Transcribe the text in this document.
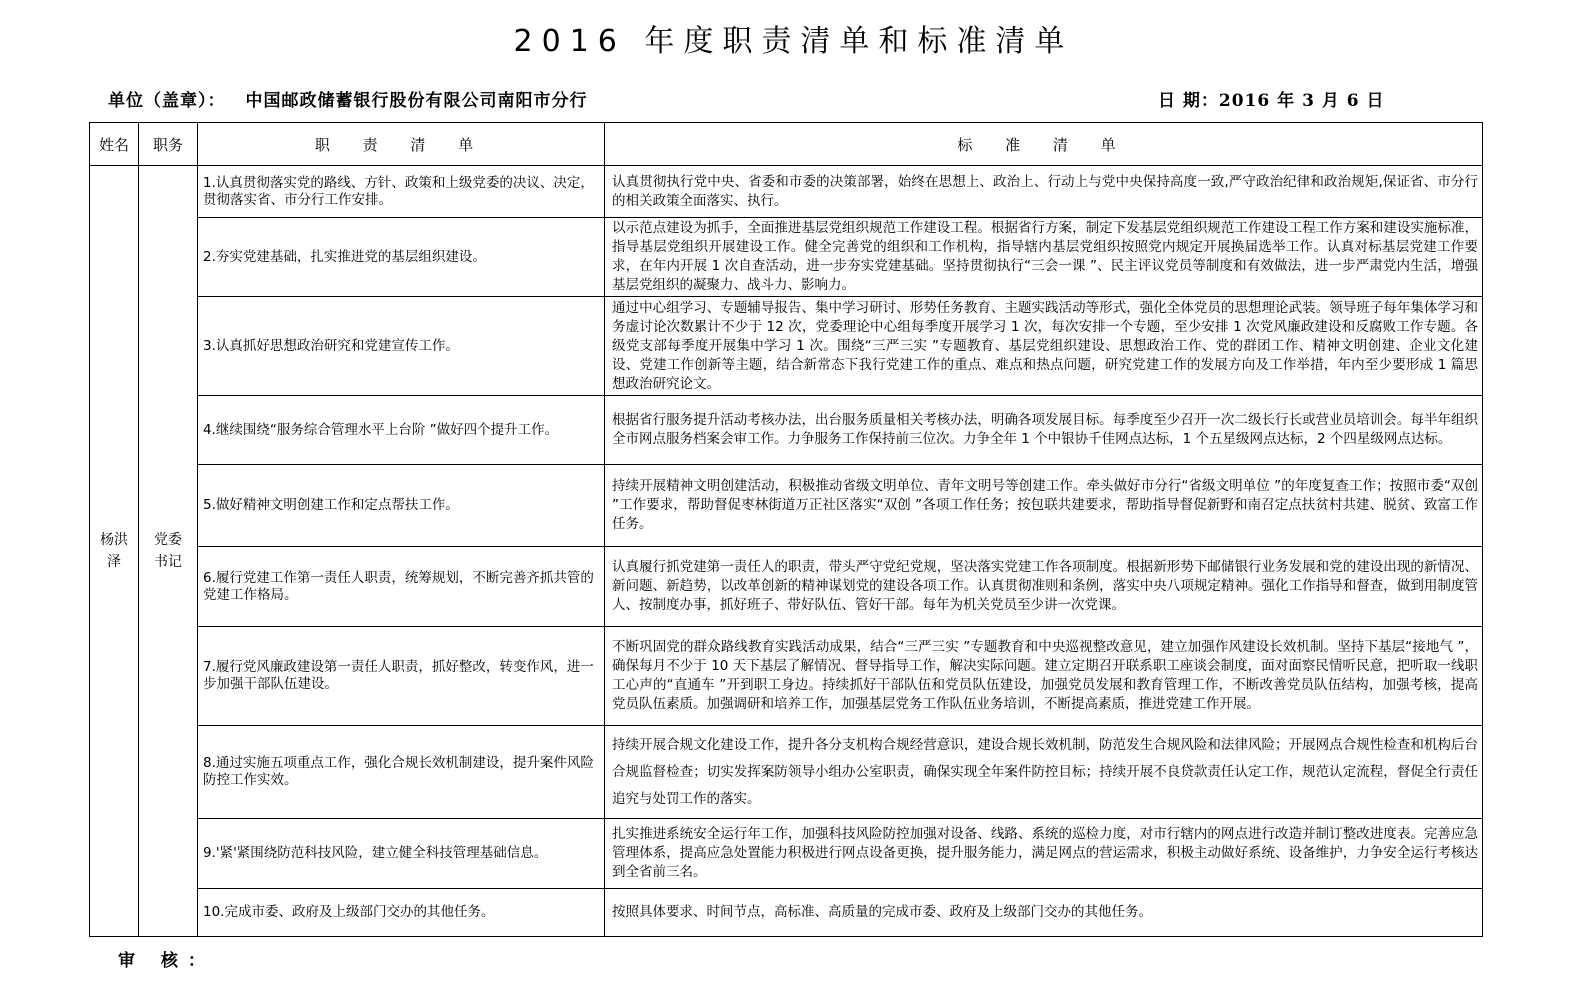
2016 年度职责清单和标准清单
单位（盖章）： 中国邮政储蓄银行股份有限公司南阳市分行	日 期：2016 年 3 月 6 日
姓名	职务	职 责 清 单	标 准 清 单
杨洪泽	党委书记	1.认真贯彻落实党的路线、方针、政策和上级党委的决议、决定，贯彻落实省、市分行工作安排。	认真贯彻执行党中央、省委和市委的决策部署，始终在思想上、政治上、行动上与党中央保持高度一致,严守政治纪律和政治规矩,保证省、市分行的相关政策全面落实、执行。
		2.夯实党建基础，扎实推进党的基层组织建设。	以示范点建设为抓手，全面推进基层党组织规范工作建设工程。根据省行方案，制定下发基层党组织规范工作建设工程工作方案和建设实施标准，指导基层党组织开展建设工作。健全完善党的组织和工作机构，指导辖内基层党组织按照党内规定开展换届选举工作。认真对标基层党建工作要求，在年内开展 1 次自查活动，进一步夯实党建基础。坚持贯彻执行“三会一课 ”、民主评议党员等制度和有效做法，进一步严肃党内生活，增强基层党组织的凝聚力、战斗力、影响力。
		3.认真抓好思想政治研究和党建宣传工作。	通过中心组学习、专题辅导报告、集中学习研讨、形势任务教育、主题实践活动等形式，强化全体党员的思想理论武装。领导班子每年集体学习和务虚讨论次数累计不少于 12 次，党委理论中心组每季度开展学习 1 次，每次安排一个专题，至少安排 1 次党风廉政建设和反腐败工作专题。各级党支部每季度开展集中学习 1 次。围绕“三严三实 ”专题教育、基层党组织建设、思想政治工作、党的群团工作、精神文明创建、企业文化建设、党建工作创新等主题，结合新常态下我行党建工作的重点、难点和热点问题，研究党建工作的发展方向及工作举措，年内至少要形成 1 篇思想政治研究论文。
		4.继续围绕“服务综合管理水平上台阶 ”做好四个提升工作。	根据省行服务提升活动考核办法，出台服务质量相关考核办法，明确各项发展目标。每季度至少召开一次二级长行长或营业员培训会。每半年组织全市网点服务档案会审工作。力争服务工作保持前三位次。力争全年 1 个中银协千佳网点达标，1 个五星级网点达标，2 个四星级网点达标。
		5.做好精神文明创建工作和定点帮扶工作。	持续开展精神文明创建活动，积极推动省级文明单位、青年文明号等创建工作。牵头做好市分行“省级文明单位 ”的年度复查工作；按照市委“双创 ”工作要求，帮助督促枣林街道万正社区落实“双创 ”各项工作任务；按包联共建要求，帮助指导督促新野和南召定点扶贫村共建、脱贫、致富工作任务。
		6.履行党建工作第一责任人职责，统筹规划，不断完善齐抓共管的党建工作格局。	认真履行抓党建第一责任人的职责，带头严守党纪党规，坚决落实党建工作各项制度。根据新形势下邮储银行业务发展和党的建设出现的新情况、新问题、新趋势，以改革创新的精神谋划党的建设各项工作。认真贯彻准则和条例，落实中央八项规定精神。强化工作指导和督查，做到用制度管人、按制度办事，抓好班子、带好队伍、管好干部。每年为机关党员至少讲一次党课。
		7.履行党风廉政建设第一责任人职责，抓好整改，转变作风，进一步加强干部队伍建设。	不断巩固党的群众路线教育实践活动成果，结合“三严三实 ”专题教育和中央巡视整改意见，建立加强作风建设长效机制。坚持下基层“接地气 ”，确保每月不少于 10 天下基层了解情况、督导指导工作，解决实际问题。建立定期召开联系职工座谈会制度，面对面察民情听民意，把听取一线职工心声的“直通车 ”开到职工身边。持续抓好干部队伍和党员队伍建设，加强党员发展和教育管理工作，不断改善党员队伍结构，加强考核，提高党员队伍素质。加强调研和培养工作，加强基层党务工作队伍业务培训，不断提高素质，推进党建工作开展。
		8.通过实施五项重点工作，强化合规长效机制建设，提升案件风险防控工作实效。	持续开展合规文化建设工作，提升各分支机构合规经营意识，建设合规长效机制，防范发生合规风险和法律风险；开展网点合规性检查和机构后台合规监督检查；切实发挥案防领导小组办公室职责，确保实现全年案件防控目标；持续开展不良贷款责任认定工作，规范认定流程，督促全行责任追究与处罚工作的落实。
		9.'紧'紧围绕防范科技风险，建立健全科技管理基础信息。	扎实推进系统安全运行年工作，加强科技风险防控加强对设备、线路、系统的巡检力度，对市行辖内的网点进行改造并制订整改进度表。完善应急管理体系，提高应急处置能力积极进行网点设备更换，提升服务能力，满足网点的营运需求，积极主动做好系统、设备维护，力争安全运行考核达到全省前三名。
		10.完成市委、政府及上级部门交办的其他任务。	按照具体要求、时间节点，高标准、高质量的完成市委、政府及上级部门交办的其他任务。
审 核：
